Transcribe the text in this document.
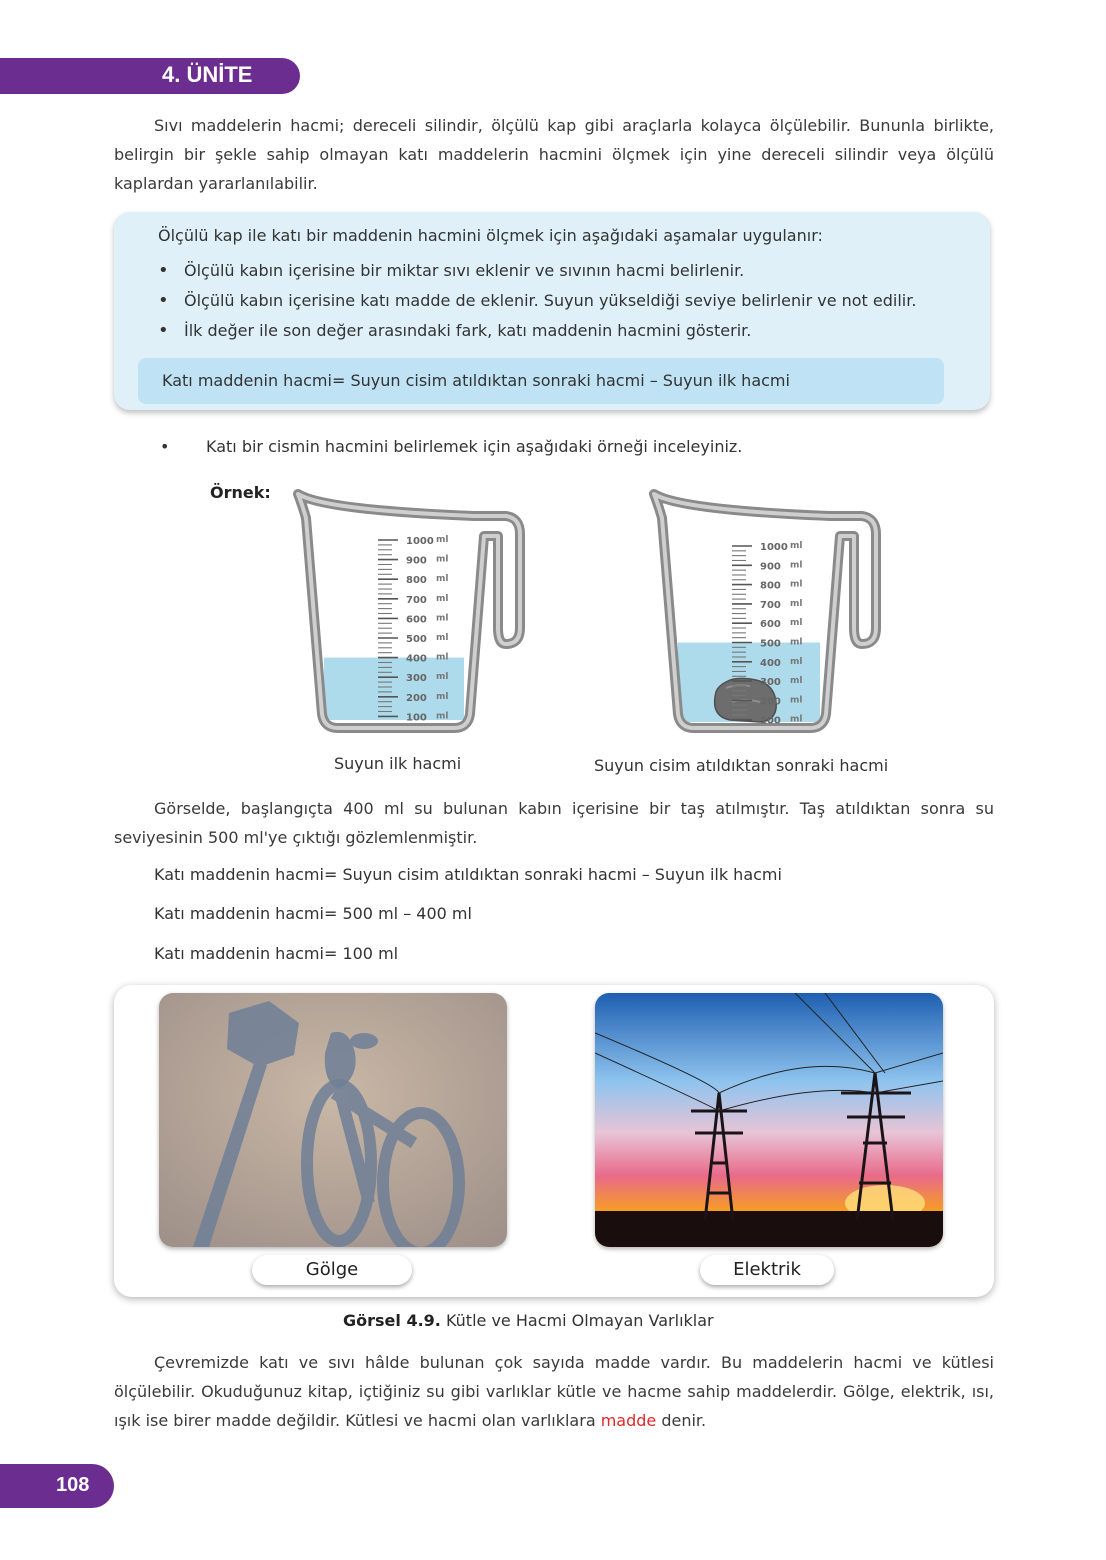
4. ÜNİTE
Sıvı maddelerin hacmi; dereceli silindir, ölçülü kap gibi araçlarla kolayca ölçülebilir. Bununla birlikte, belirgin bir şekle sahip olmayan katı maddelerin hacmini ölçmek için yine dereceli silindir veya ölçülü kaplardan yararlanılabilir.
Ölçülü kap ile katı bir maddenin hacmini ölçmek için aşağıdaki aşamalar uygulanır:
• Ölçülü kabın içerisine bir miktar sıvı eklenir ve sıvının hacmi belirlenir.
• Ölçülü kabın içerisine katı madde de eklenir. Suyun yükseldiği seviye belirlenir ve not edilir.
• İlk değer ile son değer arasındaki fark, katı maddenin hacmini gösterir.
Katı maddenin hacmi= Suyun cisim atıldıktan sonraki hacmi – Suyun ilk hacmi
• Katı bir cismin hacmini belirlemek için aşağıdaki örneği inceleyiniz.
Örnek:
1000 ml
900 ml
800 ml
700 ml
600 ml
500 ml
400 ml
300 ml
200 ml
100 ml
1000 ml
900 ml
800 ml
700 ml
600 ml
500 ml
400 ml
300 ml
200 ml
100 ml
Suyun ilk hacmi	Suyun cisim atıldıktan sonraki hacmi
Görselde, başlangıçta 400 ml su bulunan kabın içerisine bir taş atılmıştır. Taş atıldıktan sonra su seviyesinin 500 ml'ye çıktığı gözlemlenmiştir.
Katı maddenin hacmi= Suyun cisim atıldıktan sonraki hacmi – Suyun ilk hacmi
Katı maddenin hacmi= 500 ml – 400 ml
Katı maddenin hacmi= 100 ml
Gölge	Elektrik
Görsel 4.9. Kütle ve Hacmi Olmayan Varlıklar
Çevremizde katı ve sıvı hâlde bulunan çok sayıda madde vardır. Bu maddelerin hacmi ve kütlesi ölçülebilir. Okuduğunuz kitap, içtiğiniz su gibi varlıklar kütle ve hacme sahip maddelerdir. Gölge, elektrik, ısı, ışık ise birer madde değildir. Kütlesi ve hacmi olan varlıklara madde denir.
108
